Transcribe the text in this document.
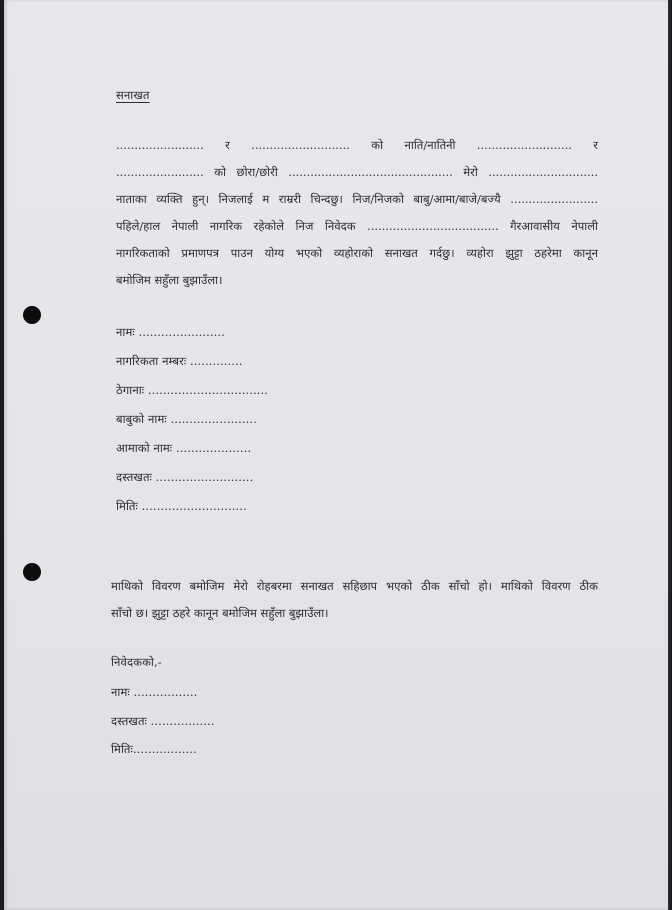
सनाखत
........................ र ........................... को नाति/नातिनी .......................... र
........................ को छोरा/छोरी ............................................. मेरो ..............................
नाताका व्यक्ति हुन्। निजलाई म राम्ररी चिन्दछु। निज/निजको बाबु/आमा/बाजे/बज्यै ........................
पहिले/हाल नेपाली नागरिक रहेकोले निज निवेदक .................................... गैरआवासीय नेपाली
नागरिकताको प्रमाणपत्र पाउन योग्य भएको व्यहोराको सनाखत गर्दछु। व्यहोरा झुट्टा ठहरेमा कानून
बमोजिम सहुँला बुझाउँला।
नामः .......................
नागरिकता नम्बरः ..............
ठेगानाः ................................
बाबुको नामः .......................
आमाको नामः ....................
दस्तखतः ..........................
मितिः ............................
माथिको विवरण बमोजिम मेरो रोहबरमा सनाखत सहिछाप भएको ठीक साँचो हो। माथिको विवरण ठीक
साँचो छ। झुट्टा ठहरे कानून बमोजिम सहुँला बुझाउँला।
निवेदकको,-
नामः .................
दस्तखतः .................
मितिः.................
